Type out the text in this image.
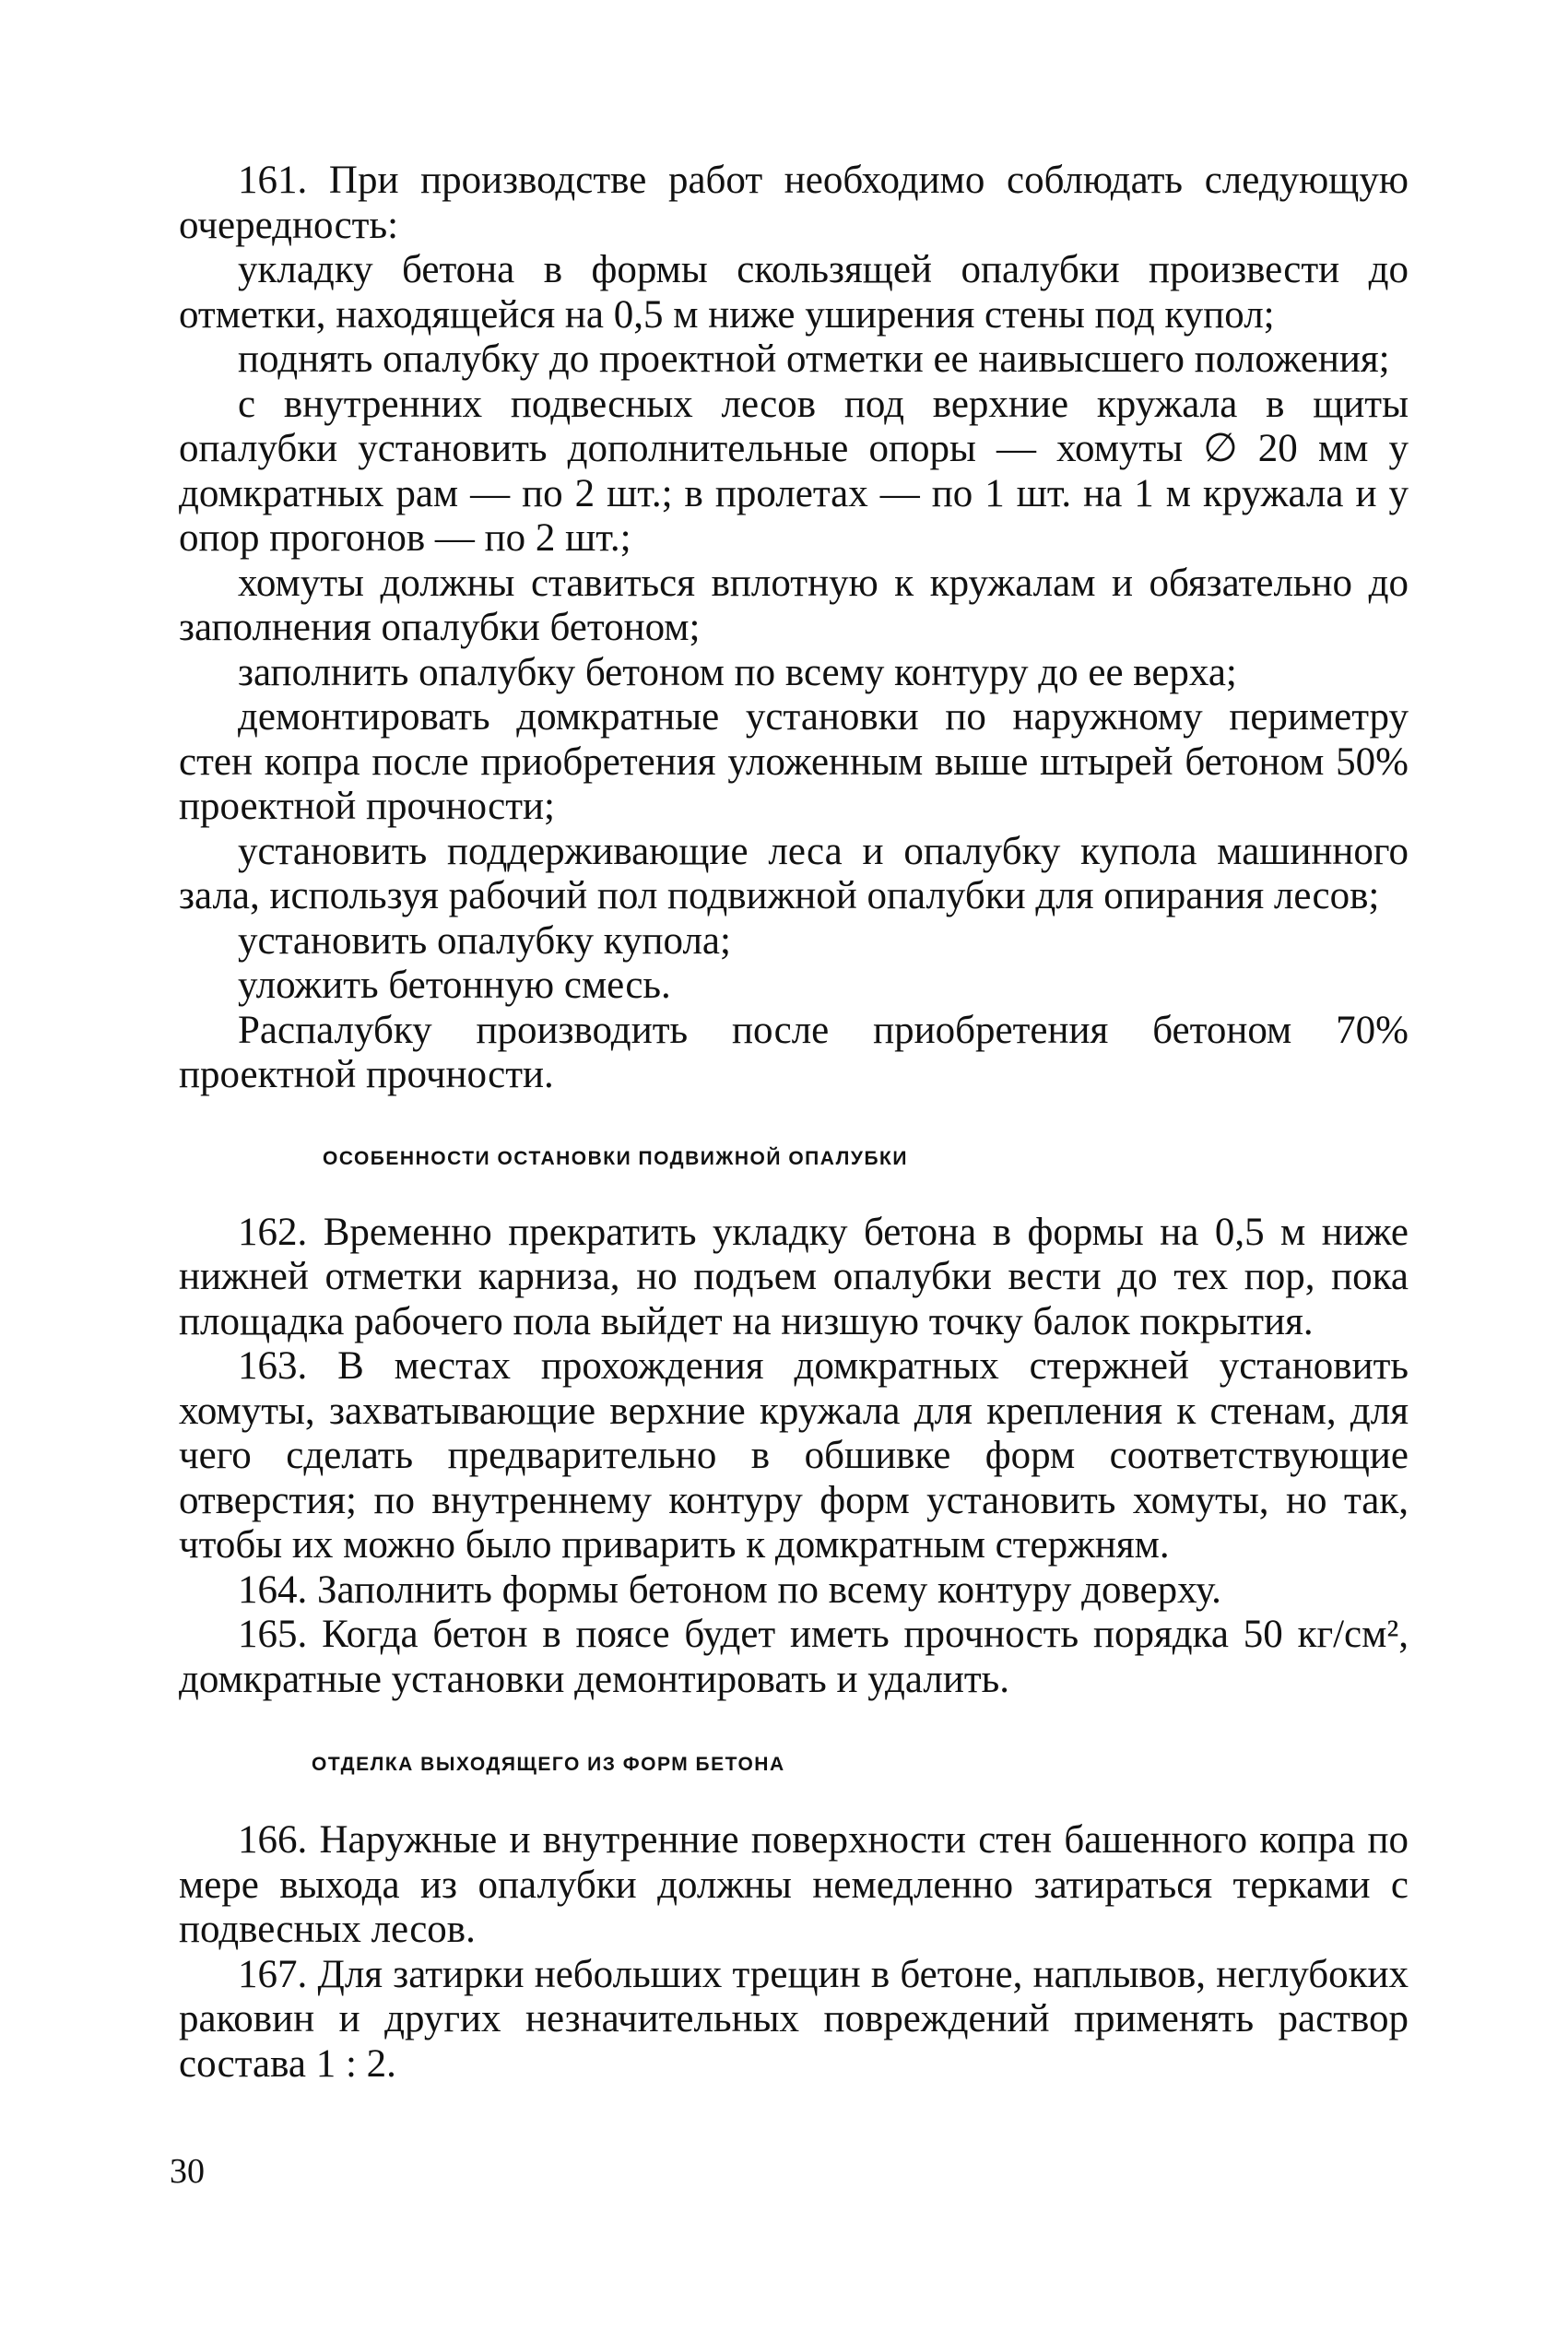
161. При производстве работ необходимо соблюдать следующую очередность:

укладку бетона в формы скользящей опалубки произвести до отметки, находящейся на 0,5 м ниже уширения стены под купол;

поднять опалубку до проектной отметки ее наивысшего положения;

с внутренних подвесных лесов под верхние кружала в щиты опалубки установить дополнительные опоры — хомуты ∅ 20 мм у домкратных рам — по 2 шт.; в пролетах — по 1 шт. на 1 м кружала и у опор прогонов — по 2 шт.;

хомуты должны ставиться вплотную к кружалам и обязательно до заполнения опалубки бетоном;

заполнить опалубку бетоном по всему контуру до ее верха;

демонтировать домкратные установки по наружному периметру стен копра после приобретения уложенным выше штырей бетоном 50% проектной прочности;

установить поддерживающие леса и опалубку купола машинного зала, используя рабочий пол подвижной опалубки для опирания лесов;

установить опалубку купола;

уложить бетонную смесь.

Распалубку производить после приобретения бетоном 70% проектной прочности.

ОСОБЕННОСТИ ОСТАНОВКИ ПОДВИЖНОЙ ОПАЛУБКИ

162. Временно прекратить укладку бетона в формы на 0,5 м ниже нижней отметки карниза, но подъем опалубки вести до тех пор, пока площадка рабочего пола выйдет на низшую точку балок покрытия.

163. В местах прохождения домкратных стержней установить хомуты, захватывающие верхние кружала для крепления к стенам, для чего сделать предварительно в обшивке форм соответствующие отверстия; по внутреннему контуру форм установить хомуты, но так, чтобы их можно было приварить к домкратным стержням.

164. Заполнить формы бетоном по всему контуру доверху.

165. Когда бетон в поясе будет иметь прочность порядка 50 кг/см², домкратные установки демонтировать и удалить.

ОТДЕЛКА ВЫХОДЯЩЕГО ИЗ ФОРМ БЕТОНА

166. Наружные и внутренние поверхности стен башенного копра по мере выхода из опалубки должны немедленно затираться терками с подвесных лесов.

167. Для затирки небольших трещин в бетоне, наплывов, неглубоких раковин и других незначительных повреждений применять раствор состава 1 : 2.

30
